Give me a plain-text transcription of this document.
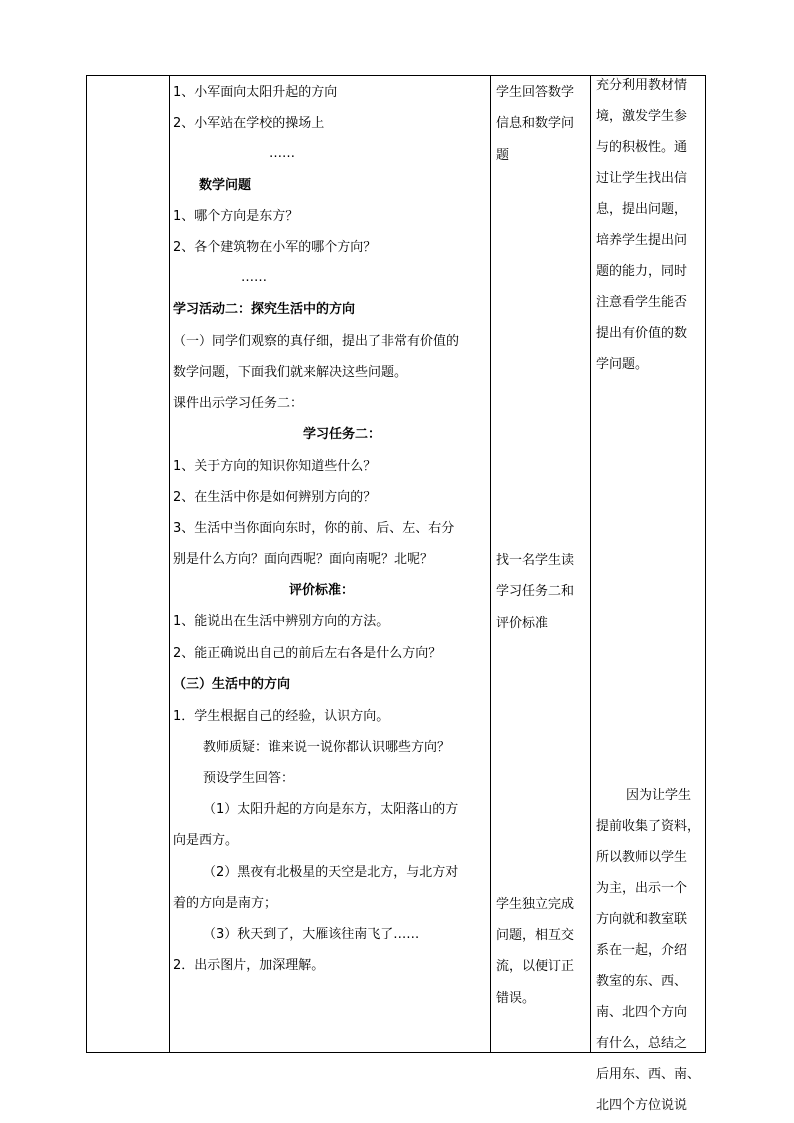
1、小军面向太阳升起的方向
2、小军站在学校的操场上
……
数学问题
1、哪个方向是东方？
2、各个建筑物在小军的哪个方向？
……
学习活动二：探究生活中的方向
（一）同学们观察的真仔细，提出了非常有价值的
数学问题，下面我们就来解决这些问题。
课件出示学习任务二：
学习任务二：
1、关于方向的知识你知道些什么？
2、在生活中你是如何辨别方向的？
3、生活中当你面向东时，你的前、后、左、右分
别是什么方向？面向西呢？面向南呢？北呢？
评价标准：
1、能说出在生活中辨别方向的方法。
2、能正确说出自己的前后左右各是什么方向？
（三）生活中的方向
1．学生根据自己的经验，认识方向。
教师质疑：谁来说一说你都认识哪些方向？
预设学生回答：
（1）太阳升起的方向是东方，太阳落山的方
向是西方。
（2）黑夜有北极星的天空是北方，与北方对
着的方向是南方；
（3）秋天到了，大雁该往南飞了……
2．出示图片，加深理解。
学生回答数学
信息和数学问
题
找一名学生读
学习任务二和
评价标准
学生独立完成
问题，相互交
流，以便订正
错误。
充分利用教材情
境，激发学生参
与的积极性。通
过让学生找出信
息，提出问题，
培养学生提出问
题的能力，同时
注意看学生能否
提出有价值的数
学问题。
因为让学生
提前收集了资料，
所以教师以学生
为主，出示一个
方向就和教室联
系在一起，介绍
教室的东、西、
南、北四个方向
有什么，总结之
后用东、西、南、
北四个方位说说
